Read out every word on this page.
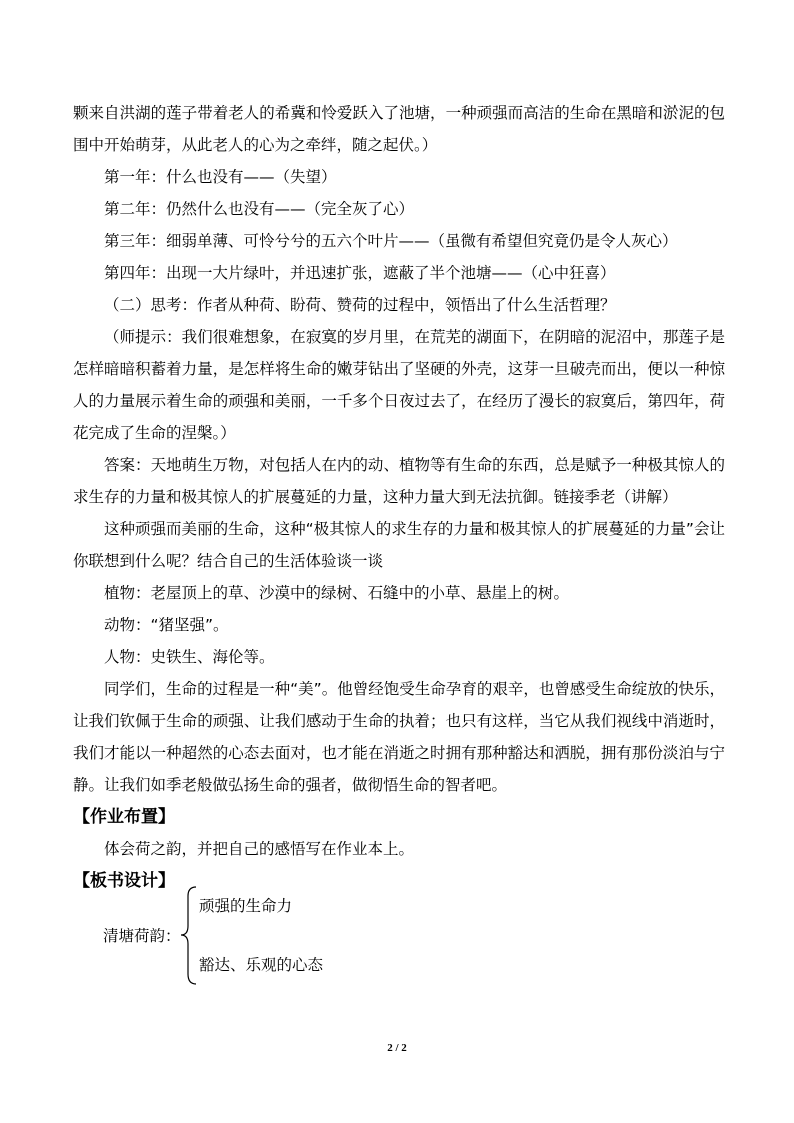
颗来自洪湖的莲子带着老人的希冀和怜爱跃入了池塘，一种顽强而高洁的生命在黑暗和淤泥的包围中开始萌芽，从此老人的心为之牵绊，随之起伏。）

第一年：什么也没有——（失望）

第二年：仍然什么也没有——（完全灰了心）

第三年：细弱单薄、可怜兮兮的五六个叶片——（虽微有希望但究竟仍是令人灰心）

第四年：出现一大片绿叶，并迅速扩张，遮蔽了半个池塘——（心中狂喜）

（二）思考：作者从种荷、盼荷、赞荷的过程中，领悟出了什么生活哲理？

（师提示：我们很难想象，在寂寞的岁月里，在荒芜的湖面下，在阴暗的泥沼中，那莲子是怎样暗暗积蓄着力量，是怎样将生命的嫩芽钻出了坚硬的外壳，这芽一旦破壳而出，便以一种惊人的力量展示着生命的顽强和美丽，一千多个日夜过去了，在经历了漫长的寂寞后，第四年，荷花完成了生命的涅槃。）

答案：天地萌生万物，对包括人在内的动、植物等有生命的东西，总是赋予一种极其惊人的求生存的力量和极其惊人的扩展蔓延的力量，这种力量大到无法抗御。链接季老（讲解）

这种顽强而美丽的生命，这种“极其惊人的求生存的力量和极其惊人的扩展蔓延的力量”会让你联想到什么呢？结合自己的生活体验谈一谈

植物：老屋顶上的草、沙漠中的绿树、石缝中的小草、悬崖上的树。

动物：“猪坚强”。

人物：史铁生、海伦等。

同学们，生命的过程是一种“美”。他曾经饱受生命孕育的艰辛，也曾感受生命绽放的快乐，让我们钦佩于生命的顽强、让我们感动于生命的执着；也只有这样，当它从我们视线中消逝时，我们才能以一种超然的心态去面对，也才能在消逝之时拥有那种豁达和洒脱，拥有那份淡泊与宁静。让我们如季老般做弘扬生命的强者，做彻悟生命的智者吧。

【作业布置】

体会荷之韵，并把自己的感悟写在作业本上。

【板书设计】

清塘荷韵：
顽强的生命力
豁达、乐观的心态
2 / 2
